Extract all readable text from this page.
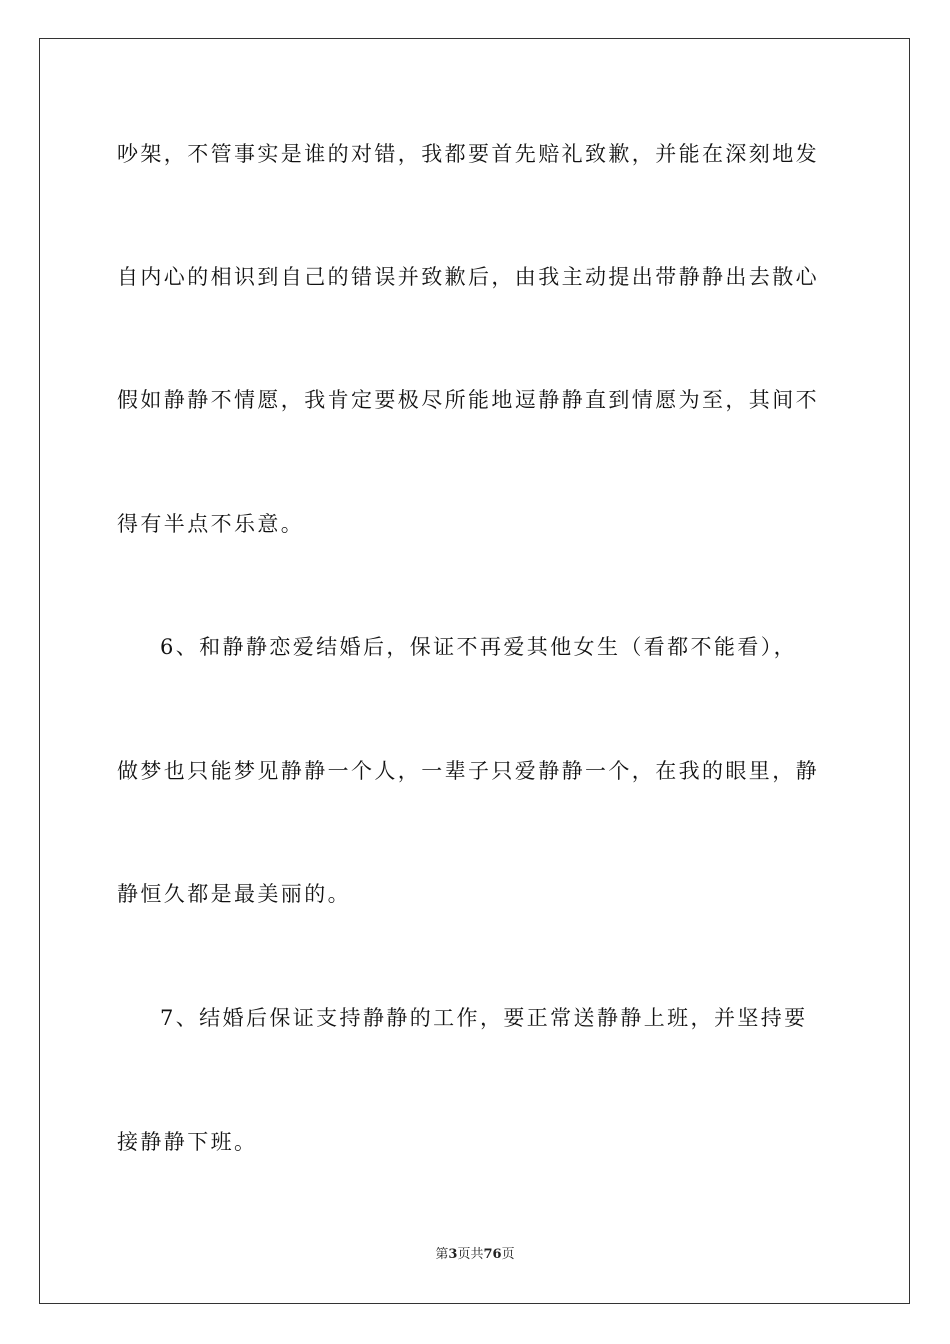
吵架，不管事实是谁的对错，我都要首先赔礼致歉，并能在深刻地发
自内心的相识到自己的错误并致歉后，由我主动提出带静静出去散心
假如静静不情愿，我肯定要极尽所能地逗静静直到情愿为至，其间不
得有半点不乐意。
6、和静静恋爱结婚后，保证不再爱其他女生（看都不能看），
做梦也只能梦见静静一个人，一辈子只爱静静一个，在我的眼里，静
静恒久都是最美丽的。
7、结婚后保证支持静静的工作，要正常送静静上班，并坚持要
接静静下班。
第3页共76页
